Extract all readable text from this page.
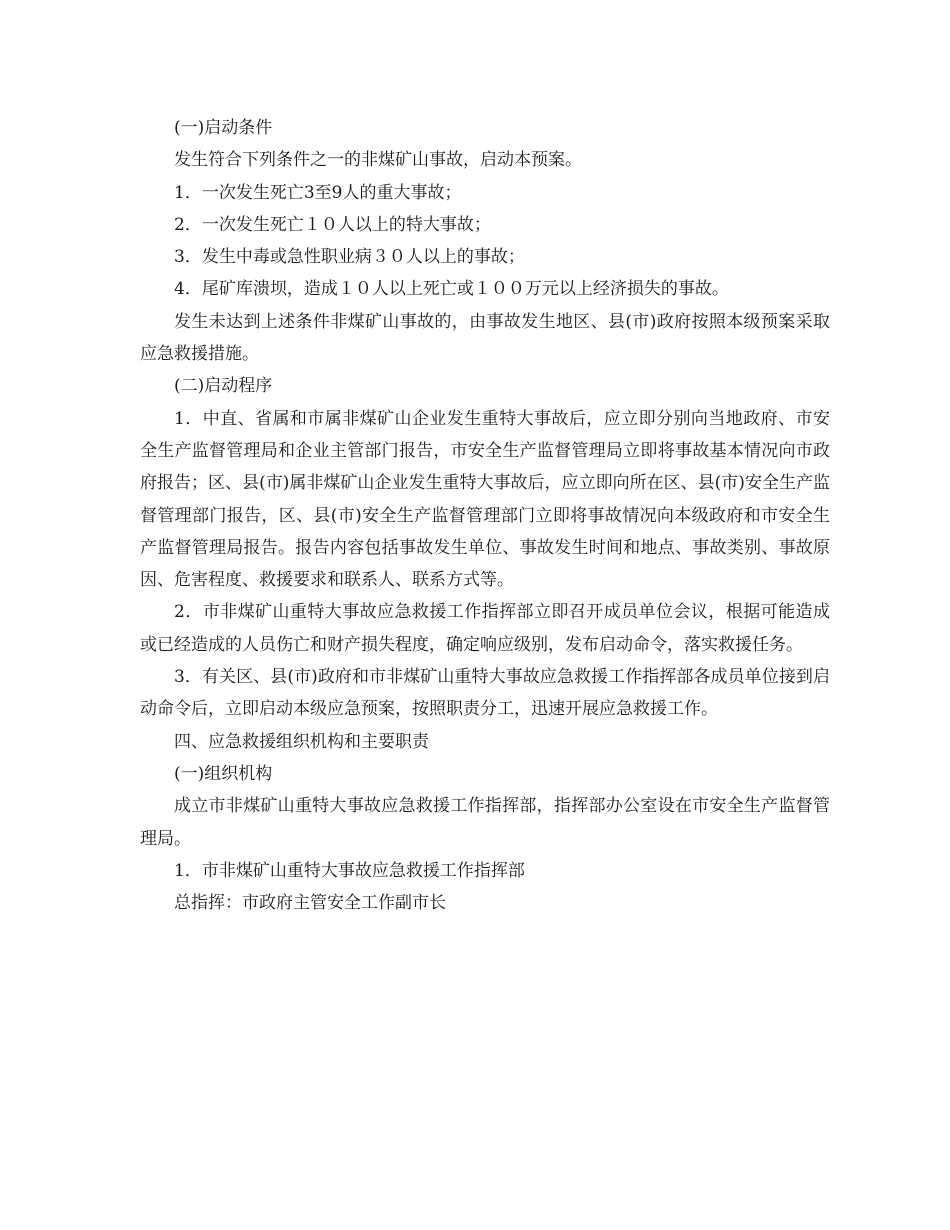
(一)启动条件

发生符合下列条件之一的非煤矿山事故，启动本预案。

1．一次发生死亡3至9人的重大事故；

2．一次发生死亡１０人以上的特大事故；

3．发生中毒或急性职业病３０人以上的事故；

4．尾矿库溃坝，造成１０人以上死亡或１００万元以上经济损失的事故。

发生未达到上述条件非煤矿山事故的，由事故发生地区、县(市)政府按照本级预案采取应急救援措施。

(二)启动程序

1．中直、省属和市属非煤矿山企业发生重特大事故后，应立即分别向当地政府、市安全生产监督管理局和企业主管部门报告，市安全生产监督管理局立即将事故基本情况向市政府报告；区、县(市)属非煤矿山企业发生重特大事故后，应立即向所在区、县(市)安全生产监督管理部门报告，区、县(市)安全生产监督管理部门立即将事故情况向本级政府和市安全生产监督管理局报告。报告内容包括事故发生单位、事故发生时间和地点、事故类别、事故原因、危害程度、救援要求和联系人、联系方式等。

2．市非煤矿山重特大事故应急救援工作指挥部立即召开成员单位会议，根据可能造成或已经造成的人员伤亡和财产损失程度，确定响应级别，发布启动命令，落实救援任务。

3．有关区、县(市)政府和市非煤矿山重特大事故应急救援工作指挥部各成员单位接到启动命令后，立即启动本级应急预案，按照职责分工，迅速开展应急救援工作。

四、应急救援组织机构和主要职责

(一)组织机构

成立市非煤矿山重特大事故应急救援工作指挥部，指挥部办公室设在市安全生产监督管理局。

1．市非煤矿山重特大事故应急救援工作指挥部

总指挥：市政府主管安全工作副市长
